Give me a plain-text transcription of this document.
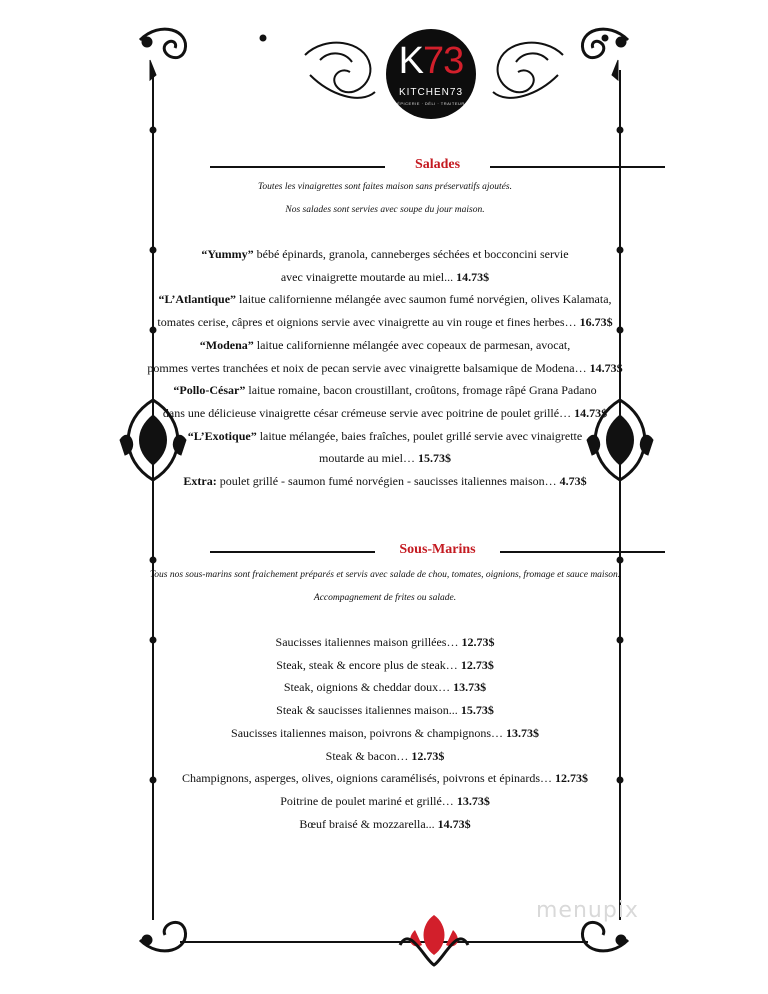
K73
KITCHEN73
ÉPICERIE · DÉLI · TRAITEUR
Salades
Toutes les vinaigrettes sont faites maison sans préservatifs ajoutés.
Nos salades sont servies avec soupe du jour maison.
“Yummy” bébé épinards, granola, canneberges séchées et bocconcini servie
avec vinaigrette moutarde au miel... 14.73$
“L’Atlantique” laitue californienne mélangée avec saumon fumé norvégien, olives Kalamata,
tomates cerise, câpres et oignions servie avec vinaigrette au vin rouge et fines herbes… 16.73$
“Modena” laitue californienne mélangée avec copeaux de parmesan, avocat,
pommes vertes tranchées et noix de pecan servie avec vinaigrette balsamique de Modena… 14.73$
“Pollo-César” laitue romaine, bacon croustillant, croûtons, fromage râpé Grana Padano
dans une délicieuse vinaigrette césar crémeuse servie avec poitrine de poulet grillé… 14.73$
“L’Exotique” laitue mélangée, baies fraîches, poulet grillé servie avec vinaigrette
moutarde au miel… 15.73$
Extra: poulet grillé - saumon fumé norvégien - saucisses italiennes maison… 4.73$
Sous-Marins
Tous nos sous-marins sont fraichement préparés et servis avec salade de chou, tomates, oignions, fromage et sauce maison.
Accompagnement de frites ou salade.
Saucisses italiennes maison grillées… 12.73$
Steak, steak & encore plus de steak… 12.73$
Steak, oignions & cheddar doux… 13.73$
Steak & saucisses italiennes maison... 15.73$
Saucisses italiennes maison, poivrons & champignons… 13.73$
Steak & bacon… 12.73$
Champignons, asperges, olives, oignions caramélisés, poivrons et épinards… 12.73$
Poitrine de poulet mariné et grillé… 13.73$
Bœuf braisé & mozzarella... 14.73$
menupix
